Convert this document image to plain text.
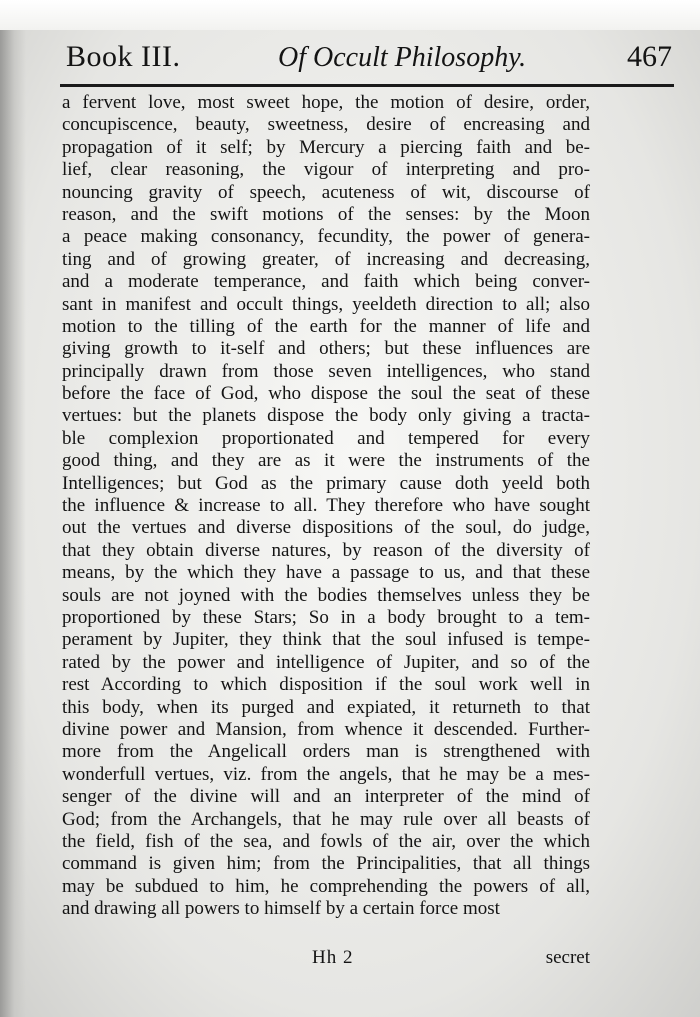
Book III.	Of Occult Philosophy.	467
a fervent love, most sweet hope, the motion of desire, order,
concupiscence, beauty, sweetness, desire of encreasing and
propagation of it self; by Mercury a piercing faith and be-
lief, clear reasoning, the vigour of interpreting and pro-
nouncing gravity of speech, acuteness of wit, discourse of
reason, and the swift motions of the senses: by the Moon
a peace making consonancy, fecundity, the power of genera-
ting and of growing greater, of increasing and decreasing,
and a moderate temperance, and faith which being conver-
sant in manifest and occult things, yeeldeth direction to all; also
motion to the tilling of the earth for the manner of life and
giving growth to it-self and others; but these influences are
principally drawn from those seven intelligences, who stand
before the face of God, who dispose the soul the seat of these
vertues: but the planets dispose the body only giving a tracta-
ble complexion proportionated and tempered for every
good thing, and they are as it were the instruments of the
Intelligences; but God as the primary cause doth yeeld both
the influence & increase to all. They therefore who have sought
out the vertues and diverse dispositions of the soul, do judge,
that they obtain diverse natures, by reason of the diversity of
means, by the which they have a passage to us, and that these
souls are not joyned with the bodies themselves unless they be
proportioned by these Stars; So in a body brought to a tem-
perament by Jupiter, they think that the soul infused is tempe-
rated by the power and intelligence of Jupiter, and so of the
rest According to which disposition if the soul work well in
this body, when its purged and expiated, it returneth to that
divine power and Mansion, from whence it descended. Further-
more from the Angelicall orders man is strengthened with
wonderfull vertues, viz. from the angels, that he may be a mes-
senger of the divine will and an interpreter of the mind of
God; from the Archangels, that he may rule over all beasts of
the field, fish of the sea, and fowls of the air, over the which
command is given him; from the Principalities, that all things
may be subdued to him, he comprehending the powers of all,
and drawing all powers to himself by a certain force most
Hh 2	secret
